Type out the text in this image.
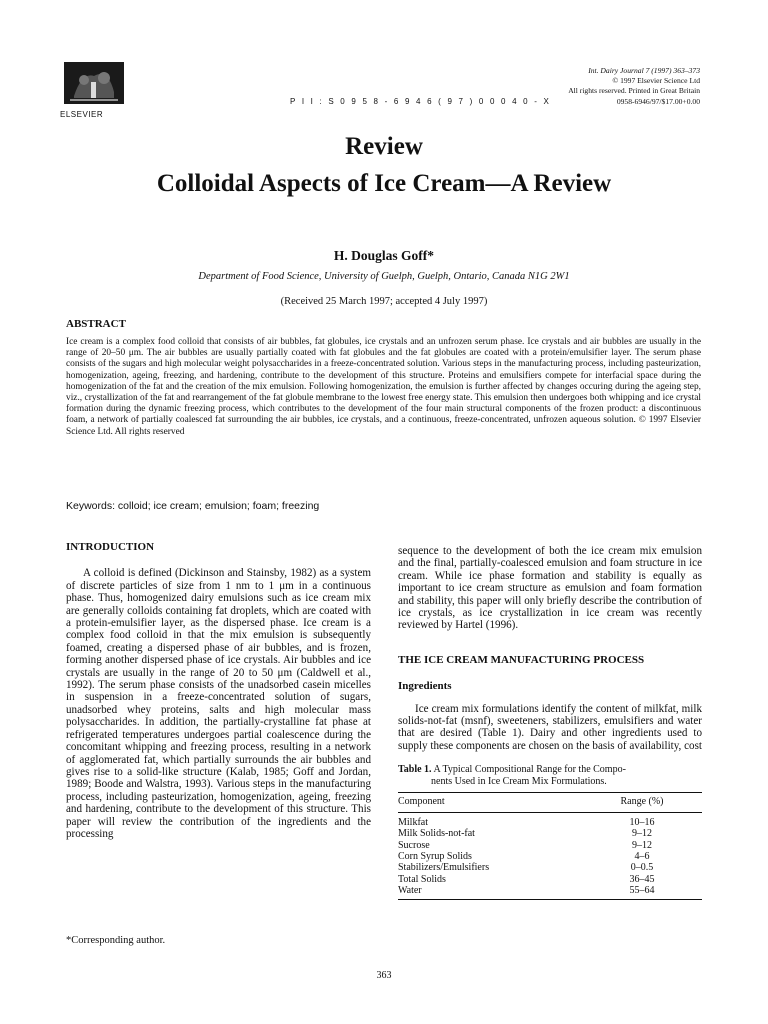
ELSEVIER
P I I : S 0 9 5 8 - 6 9 4 6 ( 9 7 ) 0 0 0 4 0 - X
Int. Dairy Journal 7 (1997) 363–373
© 1997 Elsevier Science Ltd
All rights reserved. Printed in Great Britain
0958-6946/97/$17.00+0.00
Review
Colloidal Aspects of Ice Cream—A Review
H. Douglas Goff*
Department of Food Science, University of Guelph, Guelph, Ontario, Canada N1G 2W1
(Received 25 March 1997; accepted 4 July 1997)
ABSTRACT
Ice cream is a complex food colloid that consists of air bubbles, fat globules, ice crystals and an unfrozen serum phase. Ice crystals and air bubbles are usually in the range of 20–50 μm. The air bubbles are usually partially coated with fat globules and the fat globules are coated with a protein/emulsifier layer. The serum phase consists of the sugars and high molecular weight polysaccharides in a freeze-concentrated solution. Various steps in the manufacturing process, including pasteurization, homogenization, ageing, freezing, and hardening, contribute to the development of this structure. Proteins and emulsifiers compete for interfacial space during the homogenization of the fat and the creation of the mix emulsion. Following homogenization, the emulsion is further affected by changes occuring during the ageing step, viz., crystallization of the fat and rearrangement of the fat globule membrane to the lowest free energy state. This emulsion then undergoes both whipping and ice crystal formation during the dynamic freezing process, which contributes to the development of the four main structural components of the frozen product: a discontinuous foam, a network of partially coalesced fat surrounding the air bubbles, ice crystals, and a continuous, freeze-concentrated, unfrozen aqueous solution. © 1997 Elsevier Science Ltd. All rights reserved
Keywords: colloid; ice cream; emulsion; foam; freezing
INTRODUCTION

A colloid is defined (Dickinson and Stainsby, 1982) as a system of discrete particles of size from 1 nm to 1 μm in a continuous phase. Thus, homogenized dairy emulsions such as ice cream mix are generally colloids containing fat droplets, which are coated with a protein-emulsifier layer, as the dispersed phase. Ice cream is a complex food colloid in that the mix emulsion is subsequently foamed, creating a dispersed phase of air bubbles, and is frozen, forming another dispersed phase of ice crystals. Air bubbles and ice crystals are usually in the range of 20 to 50 μm (Caldwell et al., 1992). The serum phase consists of the unadsorbed casein micelles in suspension in a freeze-concentrated solution of sugars, unadsorbed whey proteins, salts and high molecular mass polysaccharides. In addition, the partially-crystalline fat phase at refrigerated temperatures undergoes partial coalescence during the concomitant whipping and freezing process, resulting in a network of agglomerated fat, which partially surrounds the air bubbles and gives rise to a solid-like structure (Kalab, 1985; Goff and Jordan, 1989; Boode and Walstra, 1993). Various steps in the manufacturing process, including pasteurization, homogenization, ageing, freezing and hardening, contribute to the development of this structure. This paper will review the contribution of the ingredients and the processing

sequence to the development of both the ice cream mix emulsion and the final, partially-coalesced emulsion and foam structure in ice cream. While ice phase formation and stability is equally as important to ice cream structure as emulsion and foam formation and stability, this paper will only briefly describe the contribution of ice crystals, as ice crystallization in ice cream was recently reviewed by Hartel (1996).

THE ICE CREAM MANUFACTURING PROCESS
Ingredients

Ice cream mix formulations identify the content of milkfat, milk solids-not-fat (msnf), sweeteners, stabilizers, emulsifiers and water that are desired (Table 1). Dairy and other ingredients used to supply these components are chosen on the basis of availability, cost

Table 1. A Typical Compositional Range for the Compo-
nents Used in Ice Cream Mix Formulations.
Component	Range (%)
Milkfat	10–16
Milk Solids-not-fat	9–12
Sucrose	9–12
Corn Syrup Solids	4–6
Stabilizers/Emulsifiers	0–0.5
Total Solids	36–45
Water	55–64
*Corresponding author.
363
